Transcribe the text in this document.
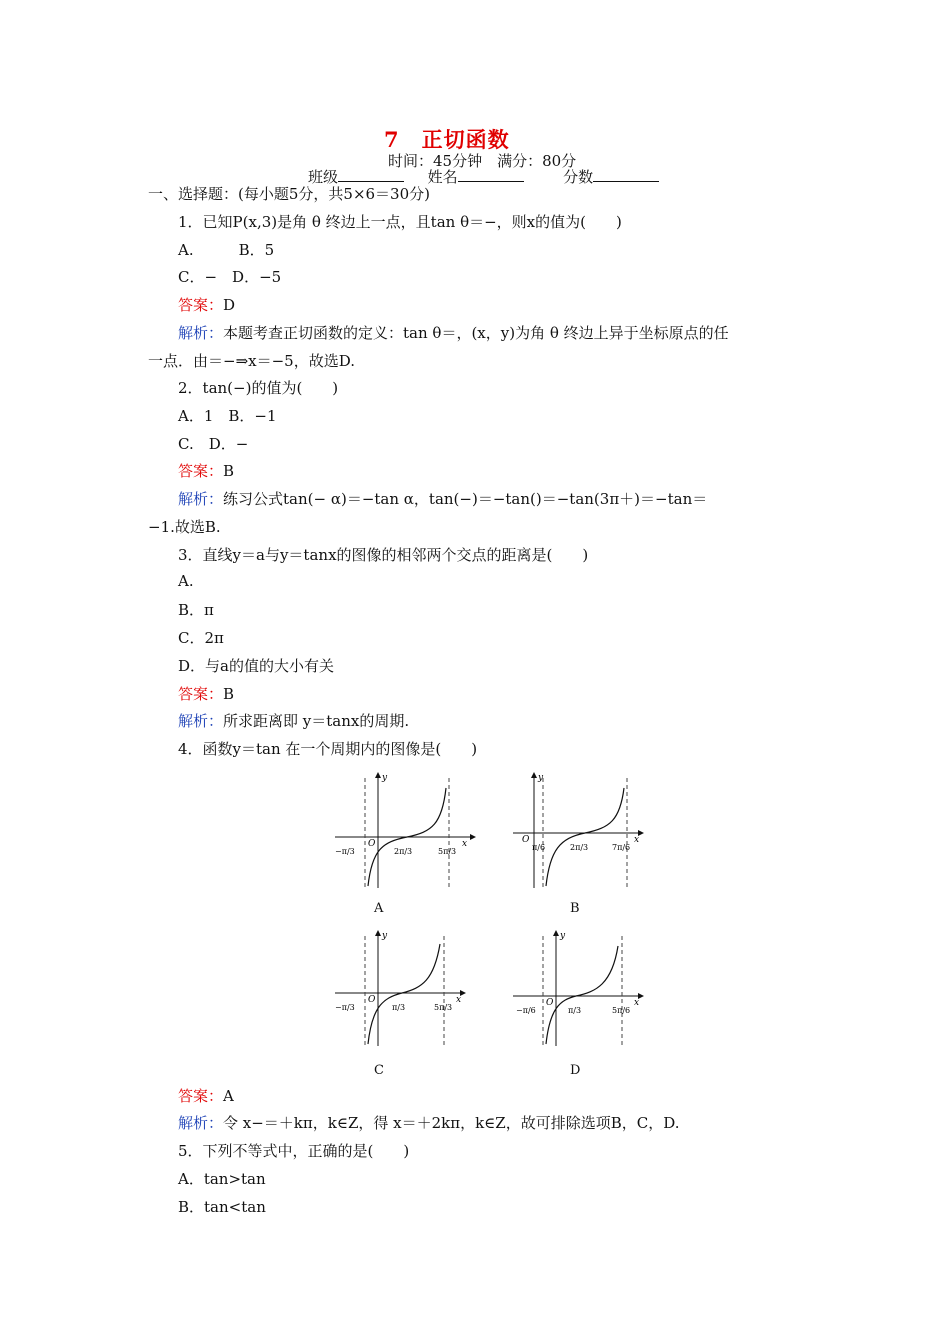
7　正切函数
时间：45分钟　满分：80分
班级	姓名	分数
一、选择题：(每小题5分，共5×6＝30分)
1．已知P(x,3)是角 θ 终边上一点，且tan θ＝−，则x的值为(　　)
A.　　　B．5
C．−　D．−5
答案：D
解析：本题考查正切函数的定义：tan θ＝，(x，y)为角 θ 终边上异于坐标原点的任
一点．由＝−⇒x＝−5，故选D.
2．tan(−)的值为(　　)
A．1　B．−1
C.　D．−
答案：B
解析：练习公式tan(− α)＝−tan α，tan(−)＝−tan()＝−tan(3π＋)＝−tan＝
−1.故选B.
3．直线y＝a与y＝tanx的图像的相邻两个交点的距离是(　　)
A.
B．π
C．2π
D．与a的值的大小有关
答案：B
解析：所求距离即 y＝tanx的周期.
4．函数y＝tan 在一个周期内的图像是(　　)
y
x
O
−π/3	2π/3	5π/3
A
y
x
O
π/6	2π/3	7π/6
B
y
x
O
−π/3	π/3	5π/3
C
y
x
O
−π/6	π/3	5π/6
D
答案：A
解析：令 x−＝＋kπ，k∈Z，得 x＝＋2kπ，k∈Z，故可排除选项B，C，D.
5．下列不等式中，正确的是(　　)
A．tan>tan
B．tan<tan
